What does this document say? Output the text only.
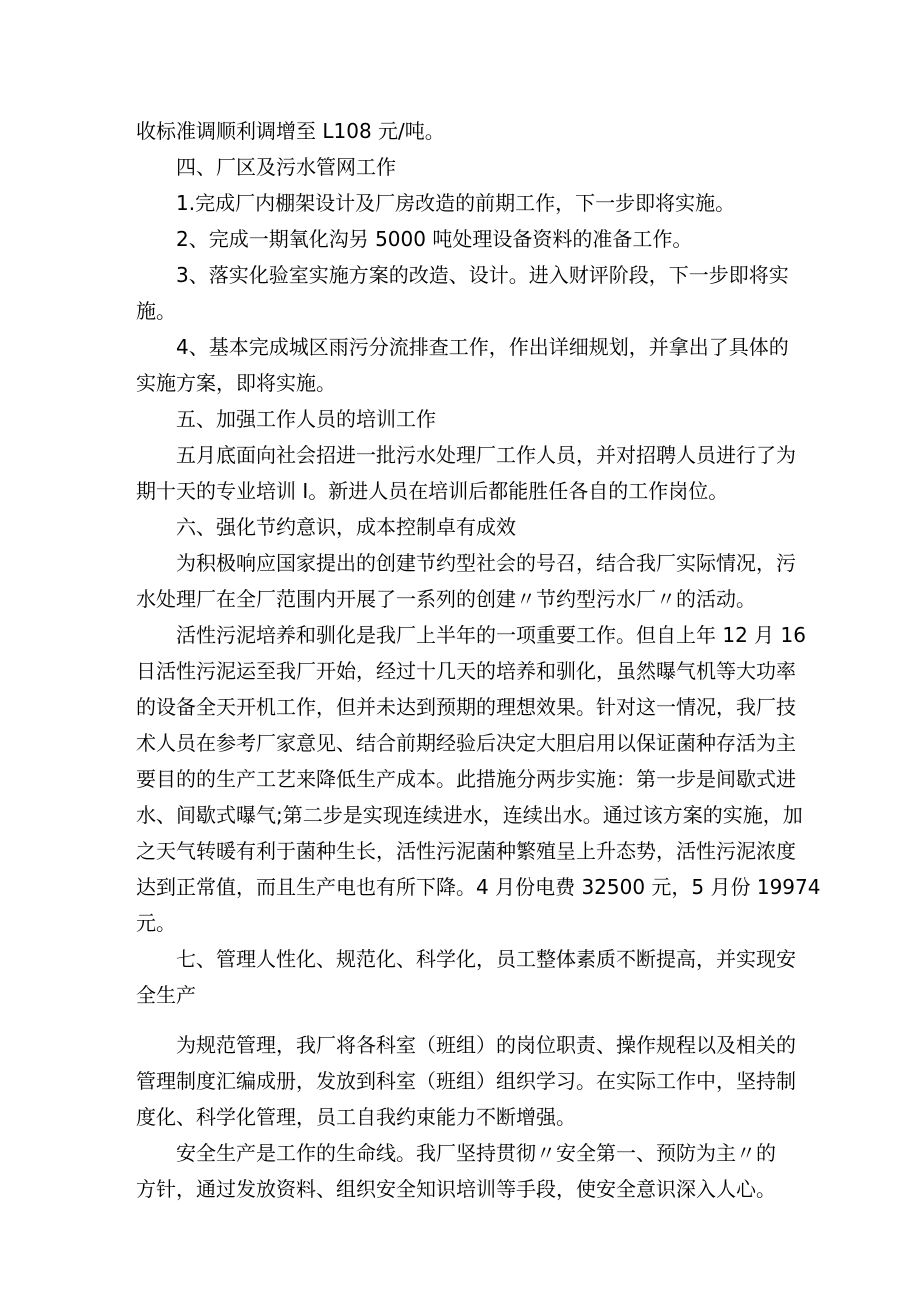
收标准调顺利调增至 L108 元/吨。
四、厂区及污水管网工作
1.完成厂内棚架设计及厂房改造的前期工作，下一步即将实施。
2、完成一期氧化沟另 5000 吨处理设备资料的准备工作。
3、落实化验室实施方案的改造、设计。进入财评阶段，下一步即将实
施。
4、基本完成城区雨污分流排查工作，作出详细规划，并拿出了具体的
实施方案，即将实施。
五、加强工作人员的培训工作
五月底面向社会招进一批污水处理厂工作人员，并对招聘人员进行了为
期十天的专业培训 I。新进人员在培训后都能胜任各自的工作岗位。
六、强化节约意识，成本控制卓有成效
为积极响应国家提出的创建节约型社会的号召，结合我厂实际情况，污
水处理厂在全厂范围内开展了一系列的创建〃节约型污水厂〃的活动。
活性污泥培养和驯化是我厂上半年的一项重要工作。但自上年 12 月 16
日活性污泥运至我厂开始，经过十几天的培养和驯化，虽然曝气机等大功率
的设备全天开机工作，但并未达到预期的理想效果。针对这一情况，我厂技
术人员在参考厂家意见、结合前期经验后决定大胆启用以保证菌种存活为主
要目的的生产工艺来降低生产成本。此措施分两步实施：第一步是间歇式进
水、间歇式曝气;第二步是实现连续进水，连续出水。通过该方案的实施，加
之天气转暖有利于菌种生长，活性污泥菌种繁殖呈上升态势，活性污泥浓度
达到正常值，而且生产电也有所下降。4 月份电费 32500 元，5 月份 19974
元。
七、管理人性化、规范化、科学化，员工整体素质不断提高，并实现安
全生产
为规范管理，我厂将各科室（班组）的岗位职责、操作规程以及相关的
管理制度汇编成册，发放到科室（班组）组织学习。在实际工作中，坚持制
度化、科学化管理，员工自我约束能力不断增强。
安全生产是工作的生命线。我厂坚持贯彻〃安全第一、预防为主〃的
方针，通过发放资料、组织安全知识培训等手段，使安全意识深入人心。
